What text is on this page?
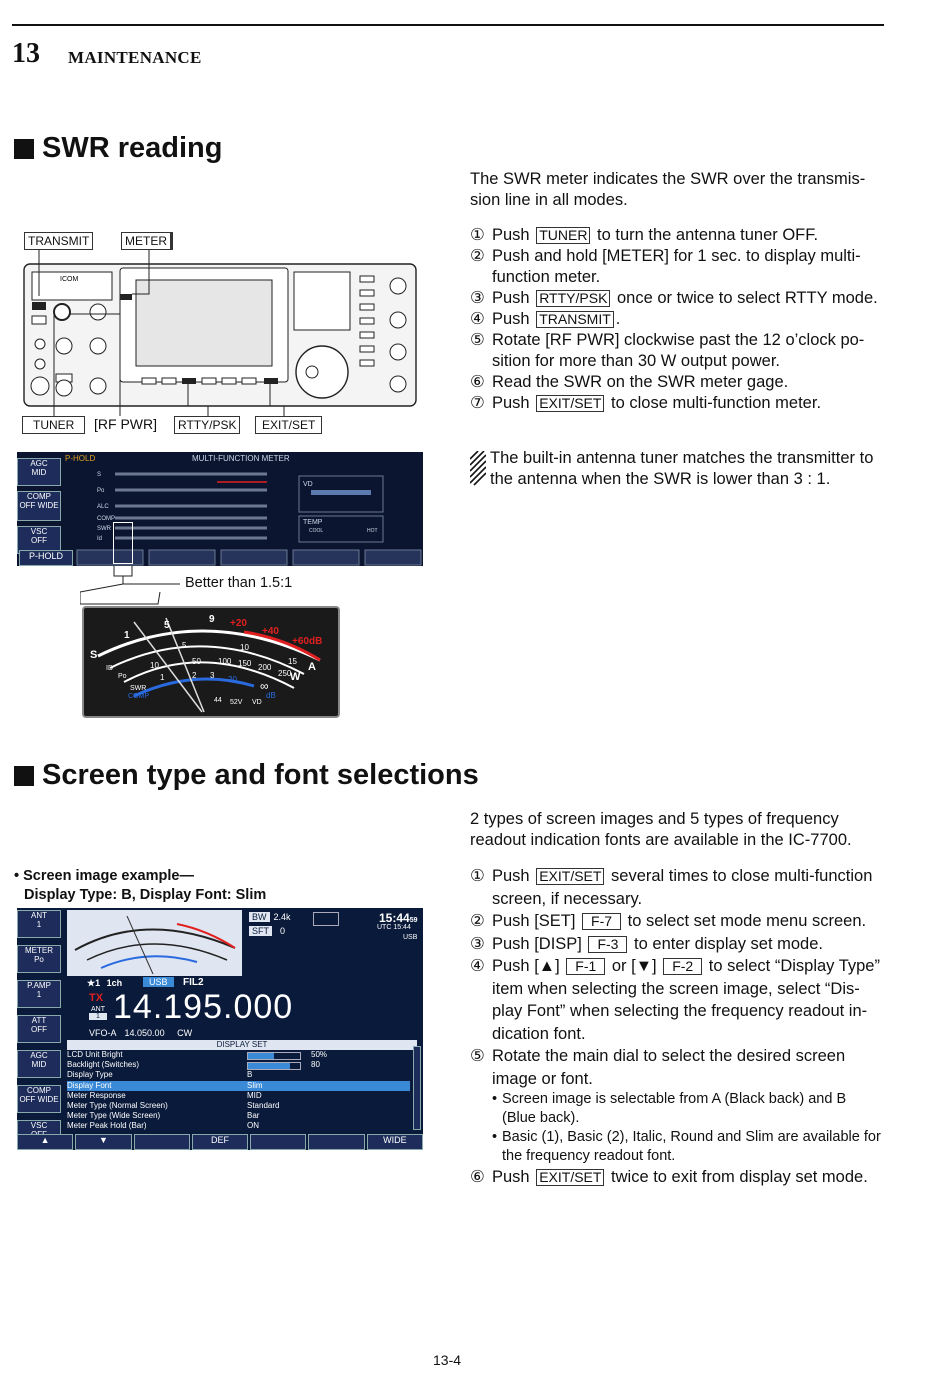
13 MAINTENANCE
SWR reading
The SWR meter indicates the SWR over the transmis- sion line in all modes.
① Push TUNER to turn the antenna tuner OFF.
② Push and hold [METER] for 1 sec. to display multi- function meter.
③ Push RTTY/PSK once or twice to select RTTY mode.
④ Push TRANSMIT .
⑤ Rotate [RF PWR] clockwise past the 12 o’clock po- sition for more than 30 W output power.
⑥ Read the SWR on the SWR meter gage.
⑦ Push EXIT/SET to close multi-function meter.
The built-in antenna tuner matches the transmitter to the antenna when the SWR is lower than 3 : 1.
ICOM
TRANSMIT	METER
TUNER	[RF PWR]	RTTY/PSK	EXIT/SET
P-HOLD	MULTI-FUNCTION METER
AGC
MID
COMP
OFF WIDE
VSC
OFF
P-HOLD
S
Po
ALC
COMP
SWR
Id
VD
TEMP
COOL	HOT
Better than 1.5:1
1
5
9 +20
+40
+60dB
5	10
15
50 100 150 200
250
10
2 3
1
∞
20
dB
S
A
W
ID
Po
SWR
44 52V VD
COMP
Screen type and font selections
2 types of screen images and 5 types of frequency readout indication fonts are available in the IC-7700.
• Screen image example—
Display Type: B, Display Font: Slim
① Push EXIT/SET several times to close multi-function screen, if necessary.
② Push [SET] F-7 to select set mode menu screen.
③ Push [DISP] F-3 to enter display set mode.
④ Push [▲] F-1 or [▼] F-2 to select “Display Type” item when selecting the screen image, select “Dis- play Font” when selecting the frequency readout in- dication font.
⑤ Rotate the main dial to select the desired screen image or font.
• Screen image is selectable from A (Black back) and B (Blue back).
• Basic (1), Basic (2), Italic, Round and Slim are available for the frequency readout font.
⑥ Push EXIT/SET twice to exit from display set mode.
ANT
1
METER
Po
P.AMP
1
ATT
OFF
AGC
MID
COMP
OFF WIDE
VSC
BW 2.4k
SFT	0
15:4459
UTC 15:44
USB
★1 1ch	USB	FIL2
TX
ANT
1 14.195.000
VFO-A 14.050.00 CW
DISPLAY SET
LCD Unit Bright	50%
Backlight (Switches)	80
Display Type	B
Display Font	Slim
Meter Response	MID
Meter Type (Normal Screen)	Standard
Meter Type (Wide Screen)	Bar
Meter Peak Hold (Bar)	ON
▲	▼	DEF	WIDE
13-4
